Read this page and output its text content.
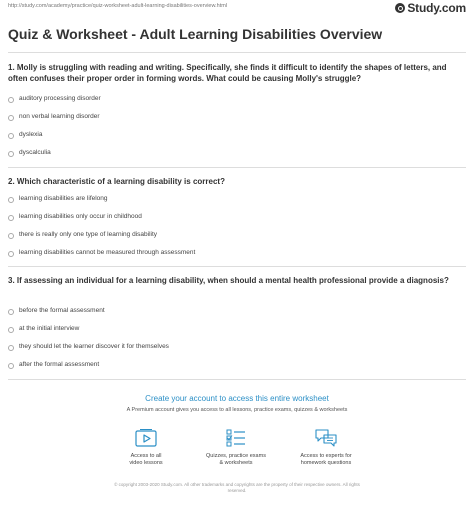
http://study.com/academy/practice/quiz-worksheet-adult-learning-disabilities-overview.html	Study.com
Quiz & Worksheet - Adult Learning Disabilities Overview
1. Molly is struggling with reading and writing. Specifically, she finds it difficult to identify the shapes of letters, and often confuses their proper order in forming words. What could be causing Molly's struggle?
auditory processing disorder
non verbal learning disorder
dyslexia
dyscalculia
2. Which characteristic of a learning disability is correct?
learning disabilities are lifelong
learning disabilities only occur in childhood
there is really only one type of learning disability
learning disabilities cannot be measured through assessment
3. If assessing an individual for a learning disability, when should a mental health professional provide a diagnosis?
before the formal assessment
at the initial interview
they should let the learner discover it for themselves
after the formal assessment
Create your account to access this entire worksheet
A Premium account gives you access to all lessons, practice exams, quizzes & worksheets
Access to all
video lessons
Quizzes, practice exams
& worksheets
Access to experts for
homework questions
© copyright 2003-2020 Study.com. All other trademarks and copyrights are the property of their respective owners. All rights
reserved.
